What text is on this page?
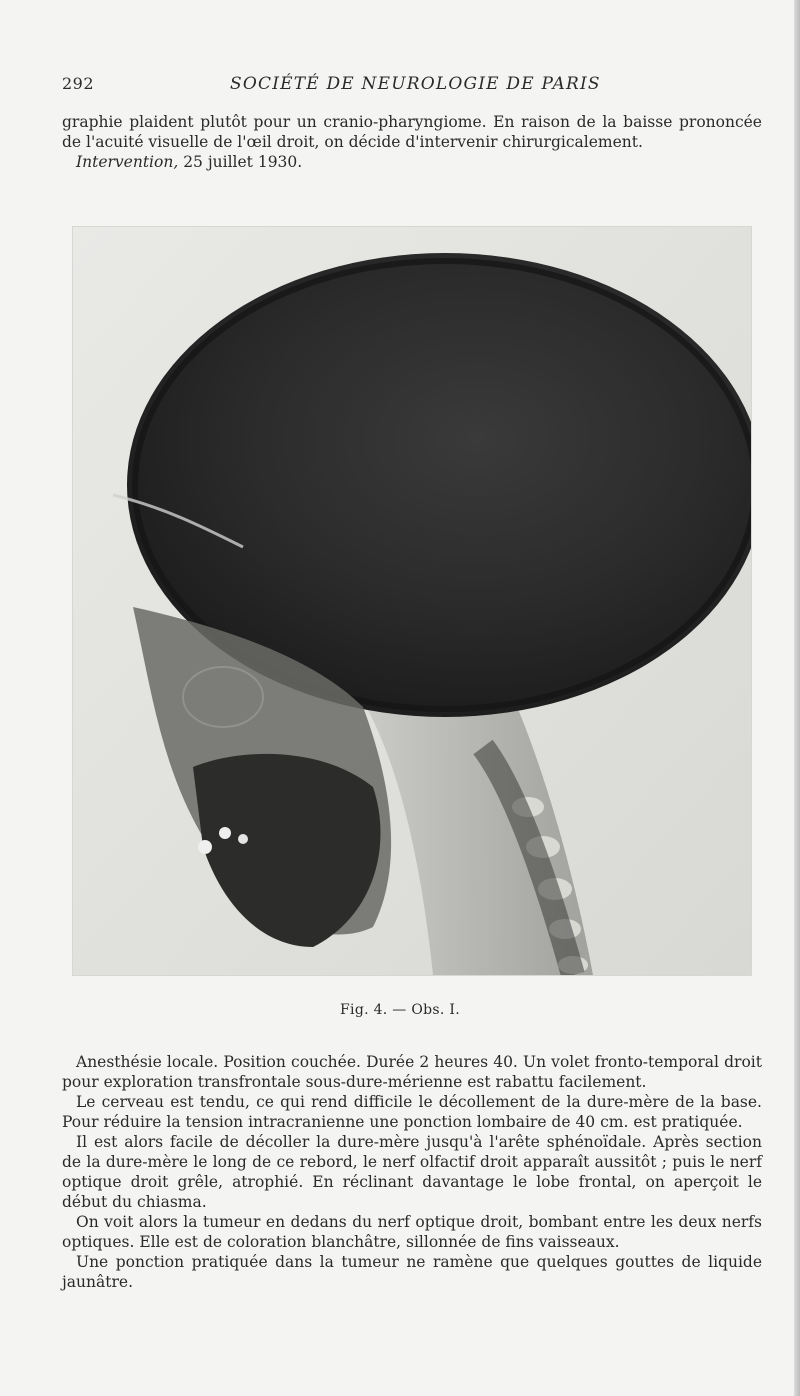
292	SOCIÉTÉ DE NEUROLOGIE DE PARIS

graphie plaident plutôt pour un cranio-pharyngiome. En raison de la baisse prononcée de l'acuité visuelle de l'œil droit, on décide d'intervenir chirurgicalement.

Intervention, 25 juillet 1930.

Fig. 4. — Obs. I.

Anesthésie locale. Position couchée. Durée 2 heures 40. Un volet fronto-temporal droit pour exploration transfrontale sous-dure-mérienne est rabattu facilement.

Le cerveau est tendu, ce qui rend difficile le décollement de la dure-mère de la base. Pour réduire la tension intracranienne une ponction lombaire de 40 cm. est pratiquée.

Il est alors facile de décoller la dure-mère jusqu'à l'arête sphénoïdale. Après section de la dure-mère le long de ce rebord, le nerf olfactif droit apparaît aussitôt ; puis le nerf optique droit grêle, atrophié. En réclinant davantage le lobe frontal, on aperçoit le début du chiasma.

On voit alors la tumeur en dedans du nerf optique droit, bombant entre les deux nerfs optiques. Elle est de coloration blanchâtre, sillonnée de fins vaisseaux.

Une ponction pratiquée dans la tumeur ne ramène que quelques gouttes de liquide jaunâtre.
